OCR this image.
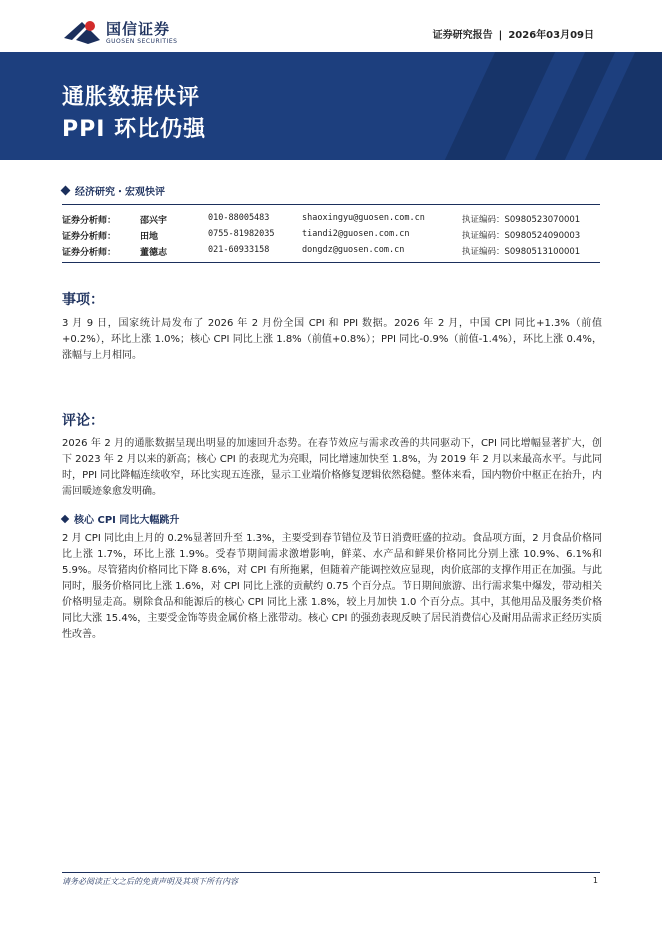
国信证券
GUOSEN SECURITIES
证券研究报告 | 2026年03月09日
通胀数据快评
PPI 环比仍强
经济研究・宏观快评
证券分析师：	邵兴宇	010-88005483	shaoxingyu@guosen.com.cn	执证编码：S0980523070001
证券分析师：	田地	0755-81982035	tiandi2@guosen.com.cn	执证编码：S0980524090003
证券分析师：	董德志	021-60933158	dongdz@guosen.com.cn	执证编码：S0980513100001
事项：

3 月 9 日，国家统计局发布了 2026 年 2 月份全国 CPI 和 PPI 数据。2026 年 2 月，中国 CPI 同比+1.3%（前值+0.2%），环比上涨 1.0%；核心 CPI 同比上涨 1.8%（前值+0.8%）；PPI 同比-0.9%（前值-1.4%），环比上涨 0.4%，涨幅与上月相同。

评论：

2026 年 2 月的通胀数据呈现出明显的加速回升态势。在春节效应与需求改善的共同驱动下，CPI 同比增幅显著扩大，创下 2023 年 2 月以来的新高；核心 CPI 的表现尤为亮眼，同比增速加快至 1.8%，为 2019 年 2 月以来最高水平。与此同时，PPI 同比降幅连续收窄，环比实现五连涨，显示工业端价格修复逻辑依然稳健。整体来看，国内物价中枢正在抬升，内需回暖迹象愈发明确。

核心 CPI 同比大幅跳升

2 月 CPI 同比由上月的 0.2%显著回升至 1.3%，主要受到春节错位及节日消费旺盛的拉动。食品项方面，2 月食品价格同比上涨 1.7%，环比上涨 1.9%。受春节期间需求激增影响，鲜菜、水产品和鲜果价格同比分别上涨 10.9%、6.1%和 5.9%。尽管猪肉价格同比下降 8.6%，对 CPI 有所拖累，但随着产能调控效应显现，肉价底部的支撑作用正在加强。与此同时，服务价格同比上涨 1.6%，对 CPI 同比上涨的贡献约 0.75 个百分点。节日期间旅游、出行需求集中爆发，带动相关价格明显走高。剔除食品和能源后的核心 CPI 同比上涨 1.8%，较上月加快 1.0 个百分点。其中，其他用品及服务类价格同比大涨 15.4%，主要受金饰等贵金属价格上涨带动。核心 CPI 的强劲表现反映了居民消费信心及耐用品需求正经历实质性改善。

请务必阅读正文之后的免责声明及其项下所有内容	1
